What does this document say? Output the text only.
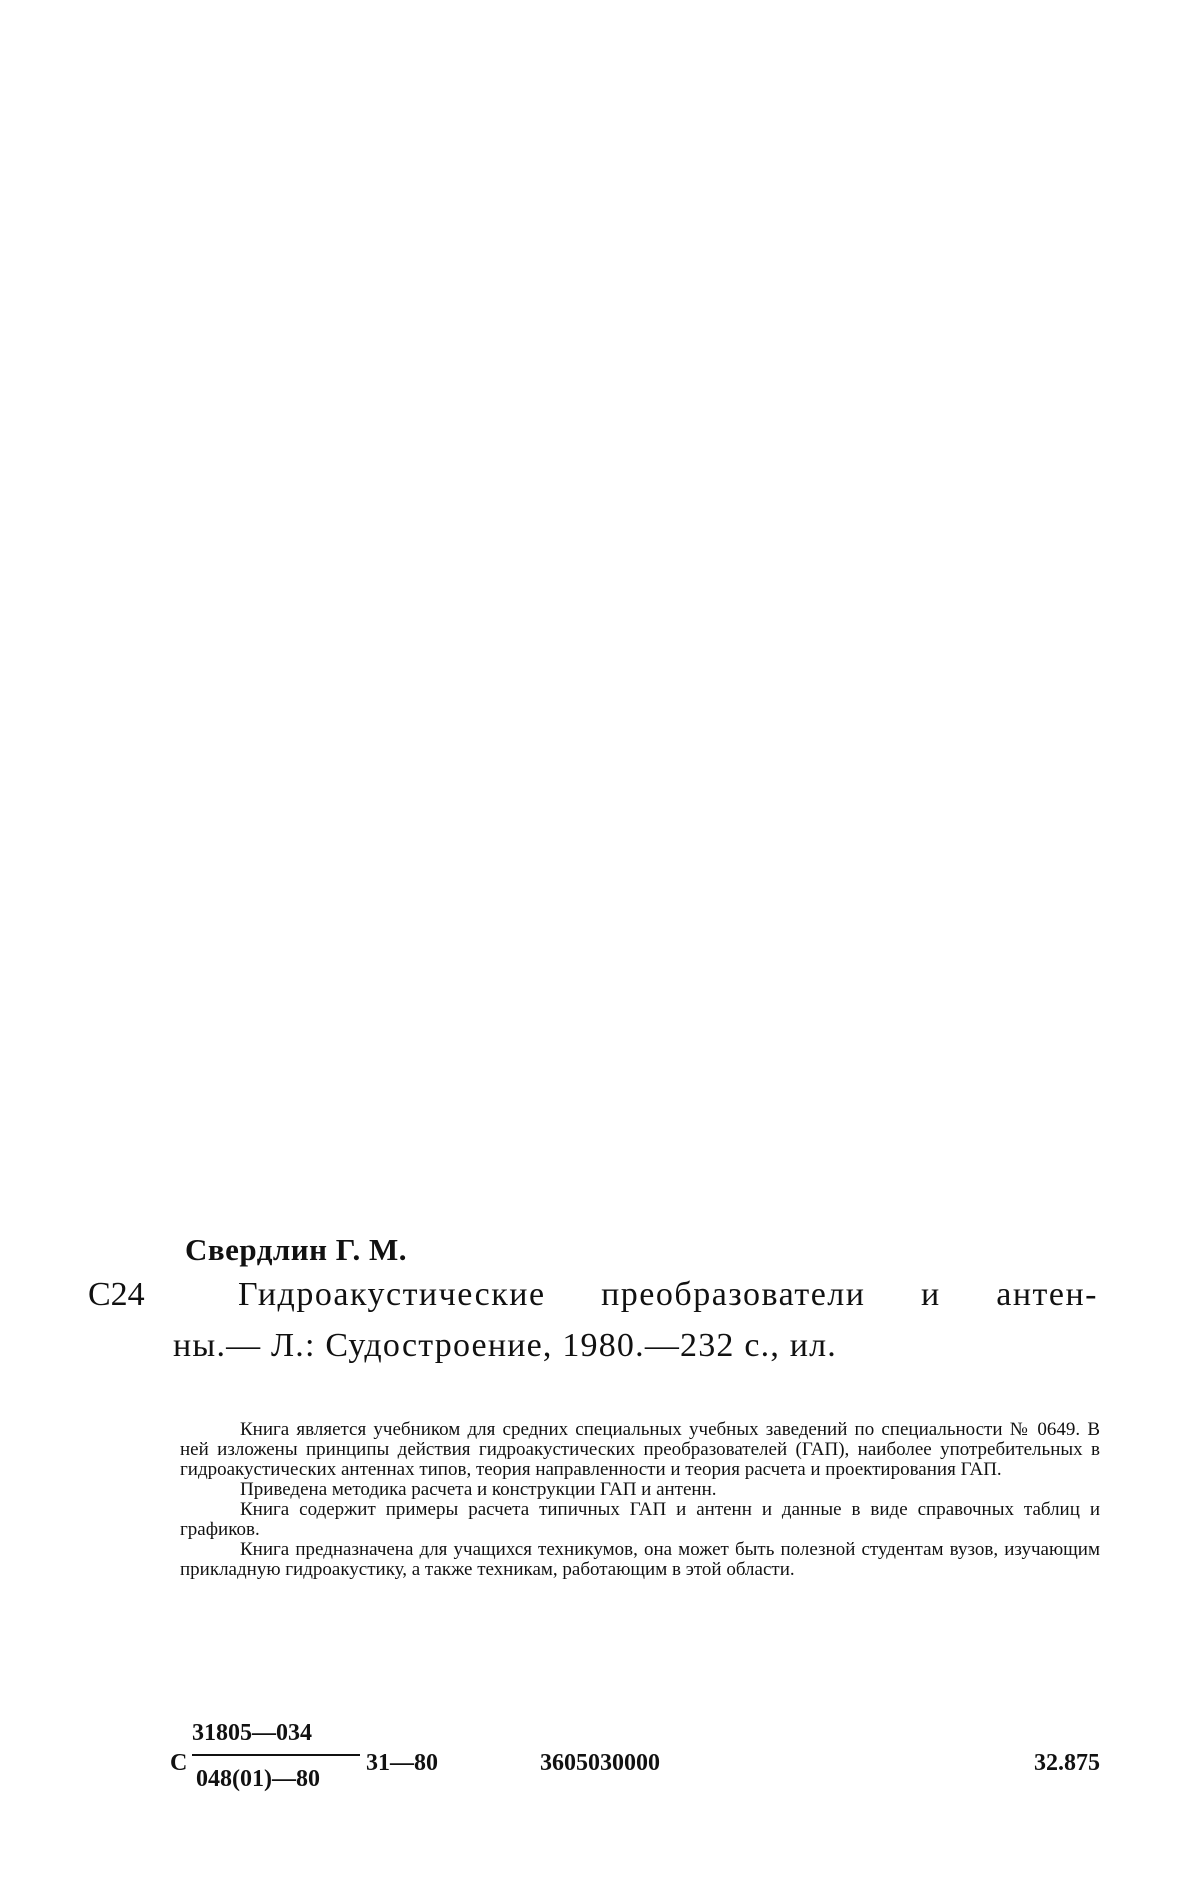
Свердлин Г. М.
С24	Гидроакустические преобразователи и антен-
ны.— Л.: Судостроение, 1980.—232 с., ил.

Книга является учебником для средних специальных учебных заведений по специальности № 0649. В ней изложены принципы действия гидроакустических преобразователей (ГАП), наиболее употребительных в гидроакустических антеннах типов, теория направленности и теория расчета и проектирования ГАП.

Приведена методика расчета и конструкции ГАП и антенн.

Книга содержит примеры расчета типичных ГАП и антенн и данные в виде справочных таблиц и графиков.

Книга предназначена для учащихся техникумов, она может быть полезной студентам вузов, изучающим прикладную гидроакустику, а также техникам, работающим в этой области.

С
31805—034
048(01)—80
31—80	3605030000	32.875
